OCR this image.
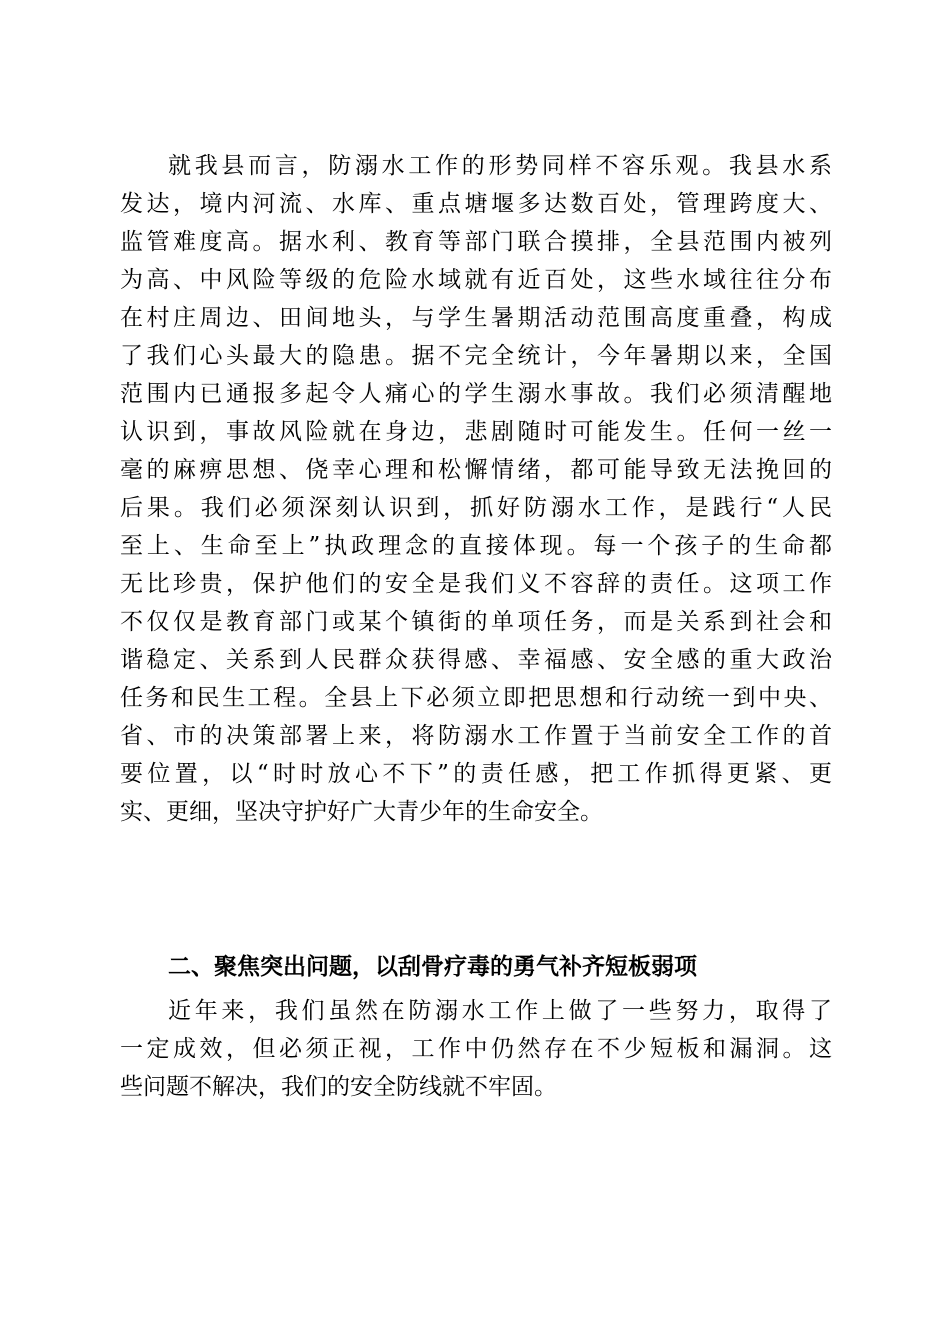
就我县而言，防溺水工作的形势同样不容乐观。我县水系
发达，境内河流、水库、重点塘堰多达数百处，管理跨度大、
监管难度高。据水利、教育等部门联合摸排，全县范围内被列
为高、中风险等级的危险水域就有近百处，这些水域往往分布
在村庄周边、田间地头，与学生暑期活动范围高度重叠，构成
了我们心头最大的隐患。据不完全统计，今年暑期以来，全国
范围内已通报多起令人痛心的学生溺水事故。我们必须清醒地
认识到，事故风险就在身边，悲剧随时可能发生。任何一丝一
毫的麻痹思想、侥幸心理和松懈情绪，都可能导致无法挽回的
后果。我们必须深刻认识到，抓好防溺水工作，是践行“人民
至上、生命至上”执政理念的直接体现。每一个孩子的生命都
无比珍贵，保护他们的安全是我们义不容辞的责任。这项工作
不仅仅是教育部门或某个镇街的单项任务，而是关系到社会和
谐稳定、关系到人民群众获得感、幸福感、安全感的重大政治
任务和民生工程。全县上下必须立即把思想和行动统一到中央、
省、市的决策部署上来，将防溺水工作置于当前安全工作的首
要位置，以“时时放心不下”的责任感，把工作抓得更紧、更
实、更细，坚决守护好广大青少年的生命安全。
二、聚焦突出问题，以刮骨疗毒的勇气补齐短板弱项
近年来，我们虽然在防溺水工作上做了一些努力，取得了
一定成效，但必须正视，工作中仍然存在不少短板和漏洞。这
些问题不解决，我们的安全防线就不牢固。
